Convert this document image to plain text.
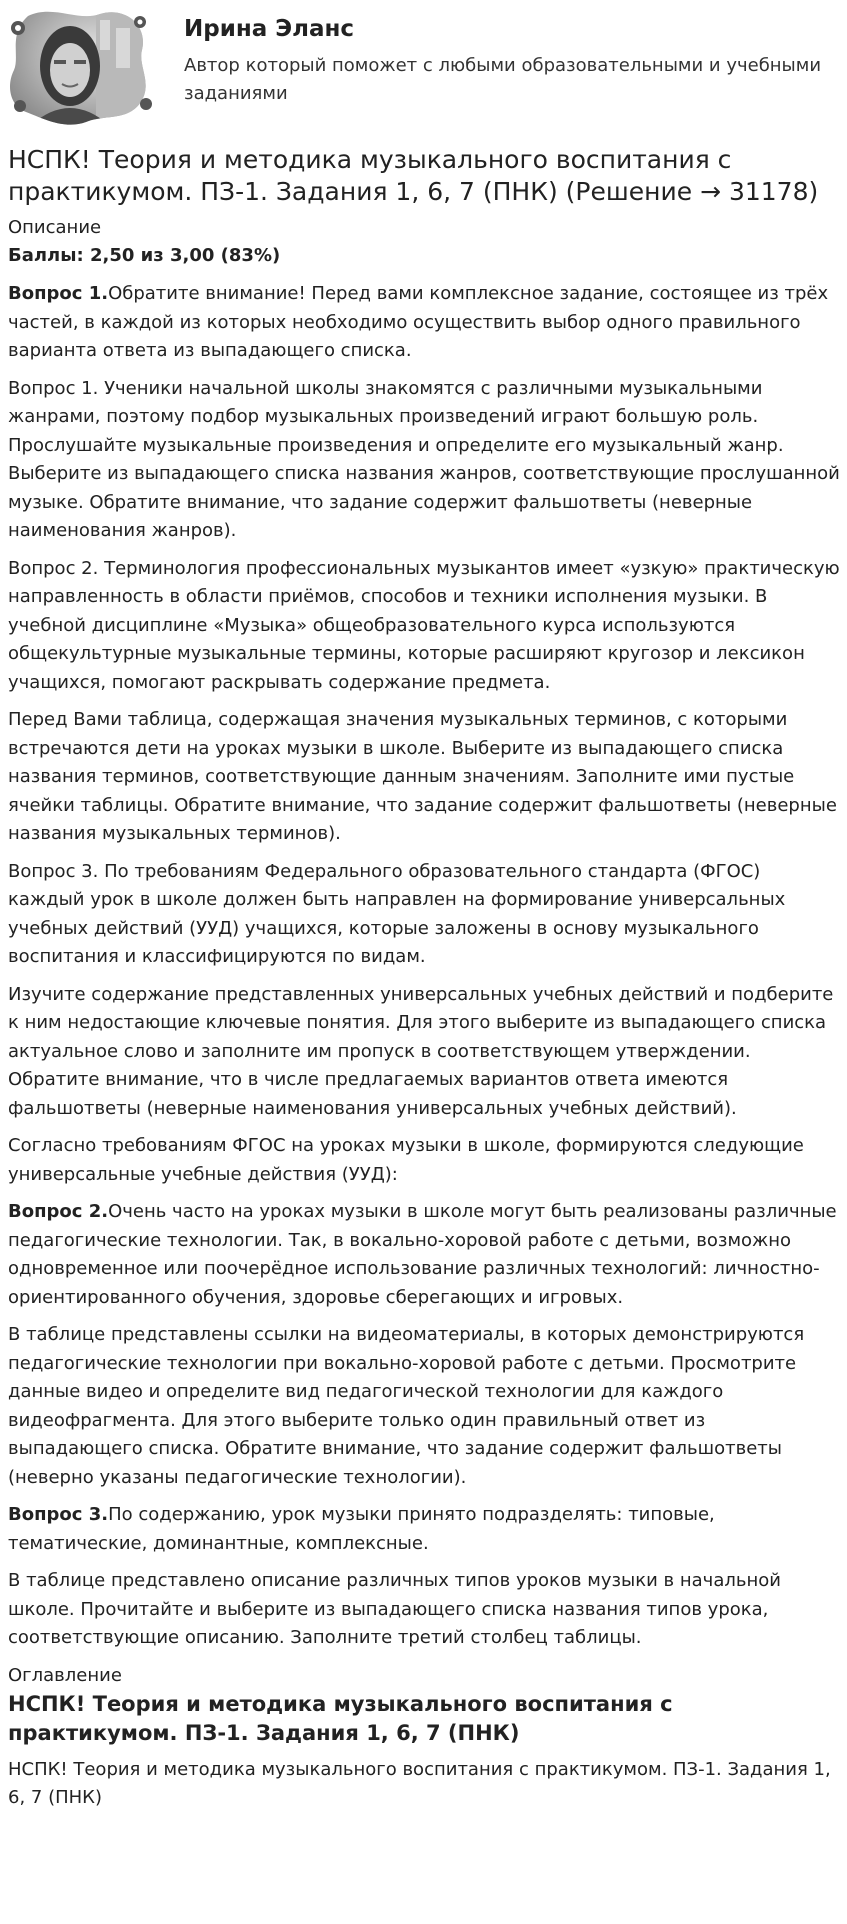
Ирина Эланс
Автор который поможет с любыми образовательными и учебными заданиями
НСПК! Теория и методика музыкального воспитания с практикумом. ПЗ-1. Задания 1, 6, 7 (ПНК) (Решение → 31178)
Описание
Баллы: 2,50 из 3,00 (83%)

Вопрос 1.Обратите внимание! Перед вами комплексное задание, состоящее из трёх частей, в каждой из которых необходимо осуществить выбор одного правильного варианта ответа из выпадающего списка.

Вопрос 1. Ученики начальной школы знакомятся с различными музыкальными жанрами, поэтому подбор музыкальных произведений играют большую роль. Прослушайте музыкальные произведения и определите его музыкальный жанр. Выберите из выпадающего списка названия жанров, соответствующие прослушанной музыке. Обратите внимание, что задание содержит фальшответы (неверные наименования жанров).

Вопрос 2. Терминология профессиональных музыкантов имеет «узкую» практическую направленность в области приёмов, способов и техники исполнения музыки. В учебной дисциплине «Музыка» общеобразовательного курса используются общекультурные музыкальные термины, которые расширяют кругозор и лексикон учащихся, помогают раскрывать содержание предмета.

Перед Вами таблица, содержащая значения музыкальных терминов, с которыми встречаются дети на уроках музыки в школе. Выберите из выпадающего списка названия терминов, соответствующие данным значениям. Заполните ими пустые ячейки таблицы. Обратите внимание, что задание содержит фальшответы (неверные названия музыкальных терминов).

Вопрос 3. По требованиям Федерального образовательного стандарта (ФГОС) каждый урок в школе должен быть направлен на формирование универсальных учебных действий (УУД) учащихся, которые заложены в основу музыкального воспитания и классифицируются по видам.

Изучите содержание представленных универсальных учебных действий и подберите к ним недостающие ключевые понятия. Для этого выберите из выпадающего списка актуальное слово и заполните им пропуск в соответствующем утверждении. Обратите внимание, что в числе предлагаемых вариантов ответа имеются фальшответы (неверные наименования универсальных учебных действий).

Согласно требованиям ФГОС на уроках музыки в школе, формируются следующие универсальные учебные действия (УУД):

Вопрос 2.Очень часто на уроках музыки в школе могут быть реализованы различные педагогические технологии. Так, в вокально-хоровой работе с детьми, возможно одновременное или поочерёдное использование различных технологий: личностно-ориентированного обучения, здоровье сберегающих и игровых.

В таблице представлены ссылки на видеоматериалы, в которых демонстрируются педагогические технологии при вокально-хоровой работе с детьми. Просмотрите данные видео и определите вид педагогической технологии для каждого видеофрагмента. Для этого выберите только один правильный ответ из выпадающего списка. Обратите внимание, что задание содержит фальшответы (неверно указаны педагогические технологии).

Вопрос 3.По содержанию, урок музыки принято подразделять: типовые, тематические, доминантные, комплексные.

В таблице представлено описание различных типов уроков музыки в начальной школе. Прочитайте и выберите из выпадающего списка названия типов урока, соответствующие описанию. Заполните третий столбец таблицы.

Оглавление
НСПК! Теория и методика музыкального воспитания с практикумом. ПЗ-1. Задания 1, 6, 7 (ПНК)
НСПК! Теория и методика музыкального воспитания с практикумом. ПЗ-1. Задания 1, 6, 7 (ПНК)
